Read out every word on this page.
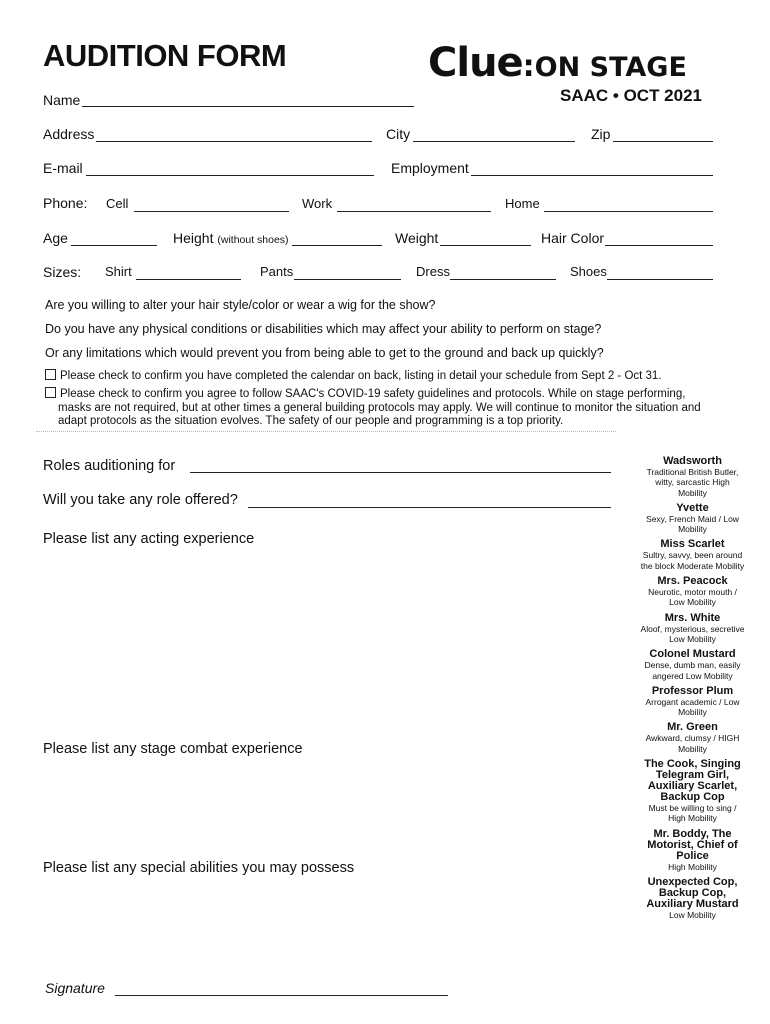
AUDITION FORM	Clue:ON STAGE
SAAC • OCT 2021
Name
Address	City	Zip
E-mail	Employment
Phone: Cell	Work	Home
Age	Height (without shoes)	Weight	Hair Color
Sizes: Shirt	Pants	Dress	Shoes
Are you willing to alter your hair style/color or wear a wig for the show?
Do you have any physical conditions or disabilities which may affect your ability to perform on stage?
Or any limitations which would prevent you from being able to get to the ground and back up quickly?
Please check to confirm you have completed the calendar on back, listing in detail your schedule from Sept 2 - Oct 31.
Please check to confirm you agree to follow SAAC's COVID-19 safety guidelines and protocols. While on stage performing, masks are not required, but at other times a general building protocols may apply. We will continue to monitor the situation and adapt protocols as the situation evolves. The safety of our people and programming is a top priority.
Roles auditioning for
Will you take any role offered?
Please list any acting experience
Please list any stage combat experience
Please list any special abilities you may possess
Signature
Wadsworth
Traditional British Butler, witty, sarcastic High Mobility
Yvette
Sexy, French Maid / Low Mobility
Miss Scarlet
Sultry, savvy, been around the block Moderate Mobility
Mrs. Peacock
Neurotic, motor mouth / Low Mobility
Mrs. White
Aloof, mysterious, secretive Low Mobility
Colonel Mustard
Dense, dumb man, easily angered Low Mobility
Professor Plum
Arrogant academic / Low Mobility
Mr. Green
Awkward, clumsy / HIGH Mobility
The Cook, Singing Telegram Girl, Auxiliary Scarlet, Backup Cop
Must be willing to sing / High Mobility
Mr. Boddy, The Motorist, Chief of Police
High Mobility
Unexpected Cop, Backup Cop, Auxiliary Mustard
Low Mobility
